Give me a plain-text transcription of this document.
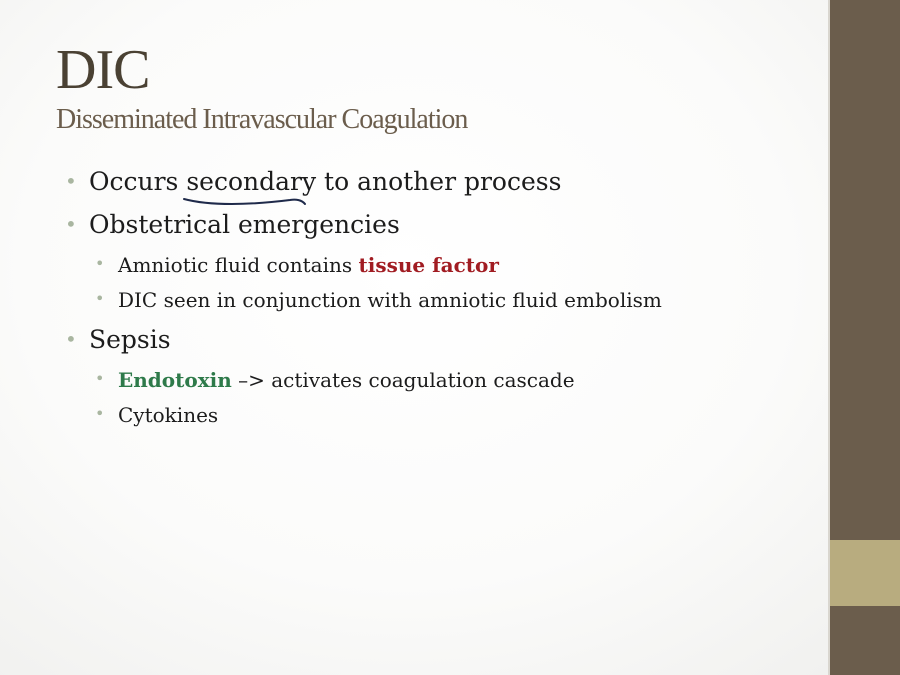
DIC
Disseminated Intravascular Coagulation
• Occurs secondary to another process
• Obstetrical emergencies
• Amniotic fluid contains tissue factor
• DIC seen in conjunction with amniotic fluid embolism
• Sepsis
• Endotoxin –> activates coagulation cascade
• Cytokines
